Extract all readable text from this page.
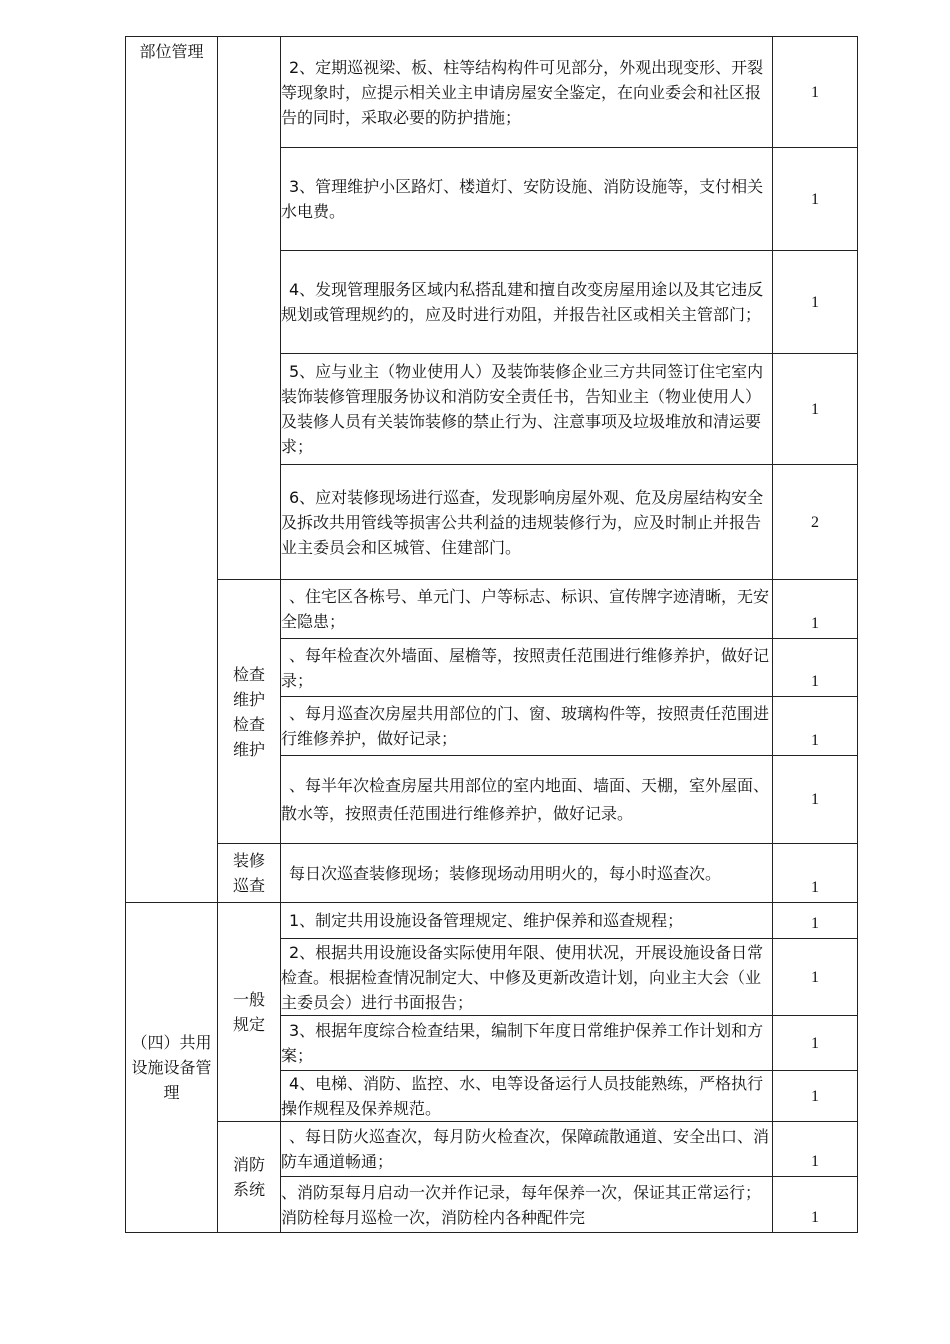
部位管理		2、定期巡视梁、板、柱等结构构件可见部分，外观出现变形、开裂等现象时，应提示相关业主申请房屋安全鉴定，在向业委会和社区报告的同时，采取必要的防护措施；	1
		3、管理维护小区路灯、楼道灯、安防设施、消防设施等，支付相关水电费。	1
		4、发现管理服务区域内私搭乱建和擅自改变房屋用途以及其它违反规划或管理规约的，应及时进行劝阻，并报告社区或相关主管部门；	1
		5、应与业主（物业使用人）及装饰装修企业三方共同签订住宅室内装饰装修管理服务协议和消防安全责任书，告知业主（物业使用人）及装修人员有关装饰装修的禁止行为、注意事项及垃圾堆放和清运要求；	1
		6、应对装修现场进行巡查，发现影响房屋外观、危及房屋结构安全及拆改共用管线等损害公共利益的违规装修行为，应及时制止并报告业主委员会和区城管、住建部门。	2
	检查维护检查维护	、住宅区各栋号、单元门、户等标志、标识、宣传牌字迹清晰，无安全隐患；	1
		、每年检查次外墙面、屋檐等，按照责任范围进行维修养护，做好记录；	1
		、每月巡查次房屋共用部位的门、窗、玻璃构件等，按照责任范围进行维修养护，做好记录；	1
		、每半年次检查房屋共用部位的室内地面、墙面、天棚，室外屋面、散水等，按照责任范围进行维修养护，做好记录。	1
	装修巡查	每日次巡查装修现场；装修现场动用明火的，每小时巡查次。	1
（四）共用设施设备管理	一般规定	1、制定共用设施设备管理规定、维护保养和巡查规程；	1
		2、根据共用设施设备实际使用年限、使用状况，开展设施设备日常检查。根据检查情况制定大、中修及更新改造计划，向业主大会（业主委员会）进行书面报告；	1
		3、根据年度综合检查结果，编制下年度日常维护保养工作计划和方案；	1
		4、电梯、消防、监控、水、电等设备运行人员技能熟练，严格执行操作规程及保养规范。	1
	消防系统	、每日防火巡查次，每月防火检查次，保障疏散通道、安全出口、消防车通道畅通；	1
		、消防泵每月启动一次并作记录，每年保养一次，保证其正常运行；消防栓每月巡检一次，消防栓内各种配件完	1
